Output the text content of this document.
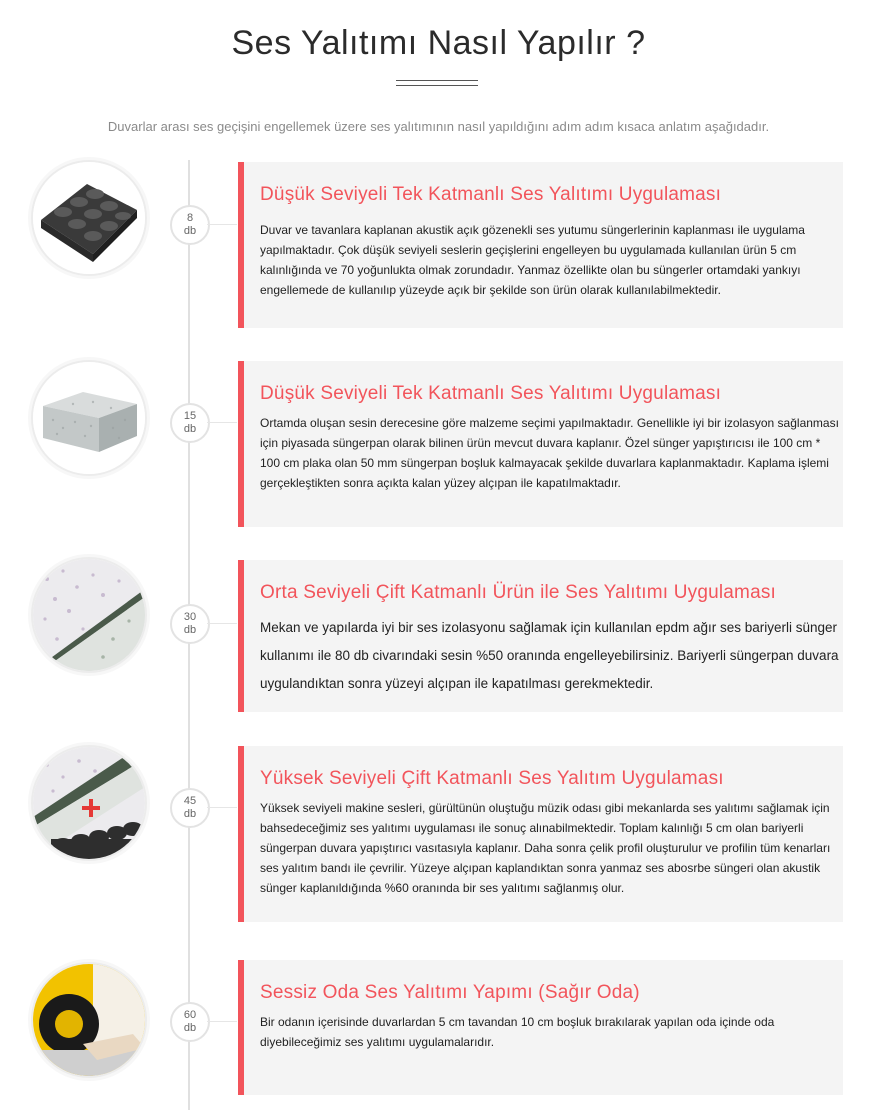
Ses Yalıtımı Nasıl Yapılır ?

Duvarlar arası ses geçişini engellemek üzere ses yalıtımının nasıl yapıldığını adım adım kısaca anlatım aşağıdadır.

8
db
Düşük Seviyeli Tek Katmanlı Ses Yalıtımı Uygulaması

Duvar ve tavanlara kaplanan akustik açık gözenekli ses yutumu süngerlerinin kaplanması ile uygulama yapılmaktadır. Çok düşük seviyeli seslerin geçişlerini engelleyen bu uygulamada kullanılan ürün 5 cm kalınlığında ve 70 yoğunlukta olmak zorundadır. Yanmaz özellikte olan bu süngerler ortamdaki yankıyı engellemede de kullanılıp yüzeyde açık bir şekilde son ürün olarak kullanılabilmektedir.

15
db
Düşük Seviyeli Tek Katmanlı Ses Yalıtımı Uygulaması

Ortamda oluşan sesin derecesine göre malzeme seçimi yapılmaktadır. Genellikle iyi bir izolasyon sağlanması için piyasada süngerpan olarak bilinen ürün mevcut duvara kaplanır. Özel sünger yapıştırıcısı ile 100 cm * 100 cm plaka olan 50 mm süngerpan boşluk kalmayacak şekilde duvarlara kaplanmaktadır. Kaplama işlemi gerçekleştikten sonra açıkta kalan yüzey alçıpan ile kapatılmaktadır.

30
db
Orta Seviyeli Çift Katmanlı Ürün ile Ses Yalıtımı Uygulaması

Mekan ve yapılarda iyi bir ses izolasyonu sağlamak için kullanılan epdm ağır ses bariyerli sünger kullanımı ile 80 db civarındaki sesin %50 oranında engelleyebilirsiniz. Bariyerli süngerpan duvara uygulandıktan sonra yüzeyi alçıpan ile kapatılması gerekmektedir.

45
db
Yüksek Seviyeli Çift Katmanlı Ses Yalıtım Uygulaması

Yüksek seviyeli makine sesleri, gürültünün oluştuğu müzik odası gibi mekanlarda ses yalıtımı sağlamak için bahsedeceğimiz ses yalıtımı uygulaması ile sonuç alınabilmektedir. Toplam kalınlığı 5 cm olan bariyerli süngerpan duvara yapıştırıcı vasıtasıyla kaplanır. Daha sonra çelik profil oluşturulur ve profilin tüm kenarları ses yalıtım bandı ile çevrilir. Yüzeye alçıpan kaplandıktan sonra yanmaz ses abosrbe süngeri olan akustik sünger kaplanıldığında %60 oranında bir ses yalıtımı sağlanmış olur.

60
db
Sessiz Oda Ses Yalıtımı Yapımı (Sağır Oda)

Bir odanın içerisinde duvarlardan 5 cm tavandan 10 cm boşluk bırakılarak yapılan oda içinde oda diyebileceğimiz ses yalıtımı uygulamalarıdır.
